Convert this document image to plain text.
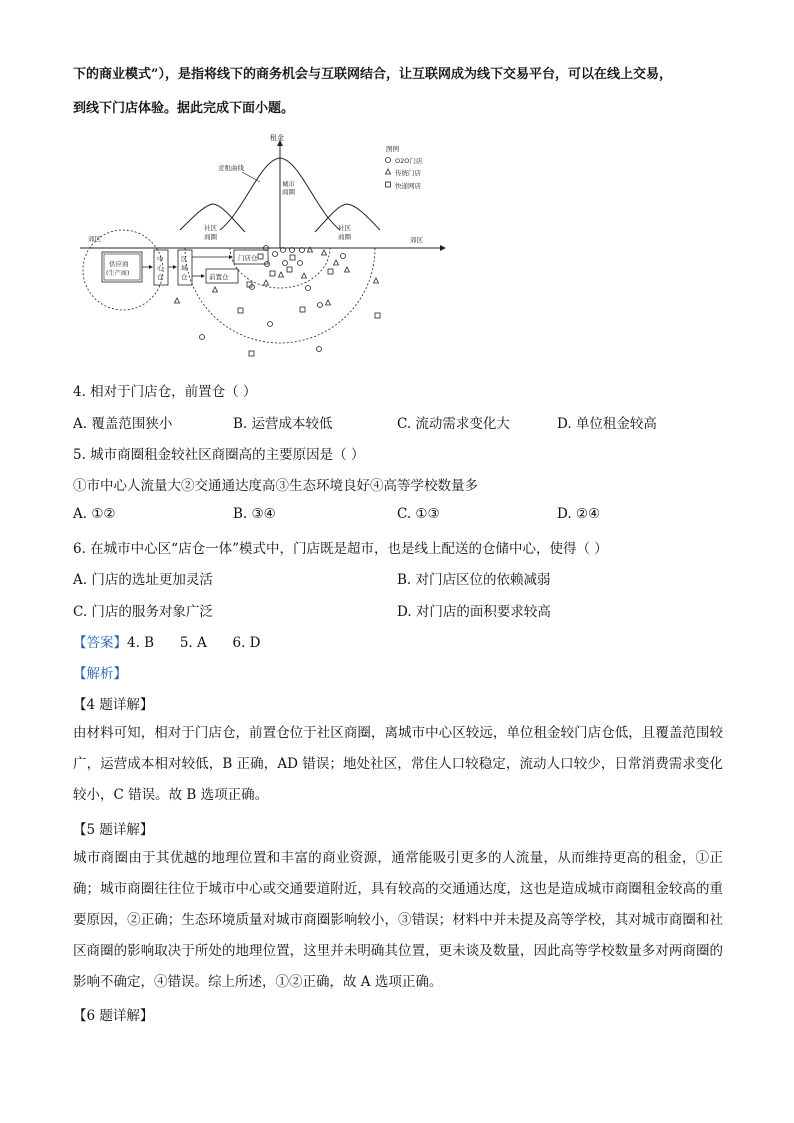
下的商业模式”），是指将线下的商务机会与互联网结合，让互联网成为线下交易平台，可以在线上交易，
到线下门店体验。据此完成下面小题。
租金
竞租曲线
城市
商圈
社区
商圈
社区
商圈
郊区	郊区
图例
O2O门店
传统门店
快递网店
供应商
(生产商)
中
心
仓
区
域
仓
门店仓
前置仓
4. 相对于门店仓，前置仓（ ）
A. 覆盖范围狭小	B. 运营成本较低	C. 流动需求变化大	D. 单位租金较高
5. 城市商圈租金较社区商圈高的主要原因是（ ）
①市中心人流量大②交通通达度高③生态环境良好④高等学校数量多
A. ①②	B. ③④	C. ①③	D. ②④
6. 在城市中心区“店仓一体”模式中，门店既是超市，也是线上配送的仓储中心，使得（ ）
A. 门店的选址更加灵活	B. 对门店区位的依赖减弱
C. 门店的服务对象广泛	D. 对门店的面积要求较高
【答案】4. B      5. A      6. D
【解析】
【4 题详解】
由材料可知，相对于门店仓，前置仓位于社区商圈，离城市中心区较远，单位租金较门店仓低，且覆盖范围较广，运营成本相对较低，B 正确，AD 错误；地处社区，常住人口较稳定，流动人口较少，日常消费需求变化较小，C 错误。故 B 选项正确。
【5 题详解】
城市商圈由于其优越的地理位置和丰富的商业资源，通常能吸引更多的人流量，从而维持更高的租金，①正确；城市商圈往往位于城市中心或交通要道附近，具有较高的交通通达度，这也是造成城市商圈租金较高的重要原因，②正确；生态环境质量对城市商圈影响较小，③错误；材料中并未提及高等学校，其对城市商圈和社区商圈的影响取决于所处的地理位置，这里并未明确其位置，更未谈及数量，因此高等学校数量多对两商圈的影响不确定，④错误。综上所述，①②正确，故 A 选项正确。
【6 题详解】
